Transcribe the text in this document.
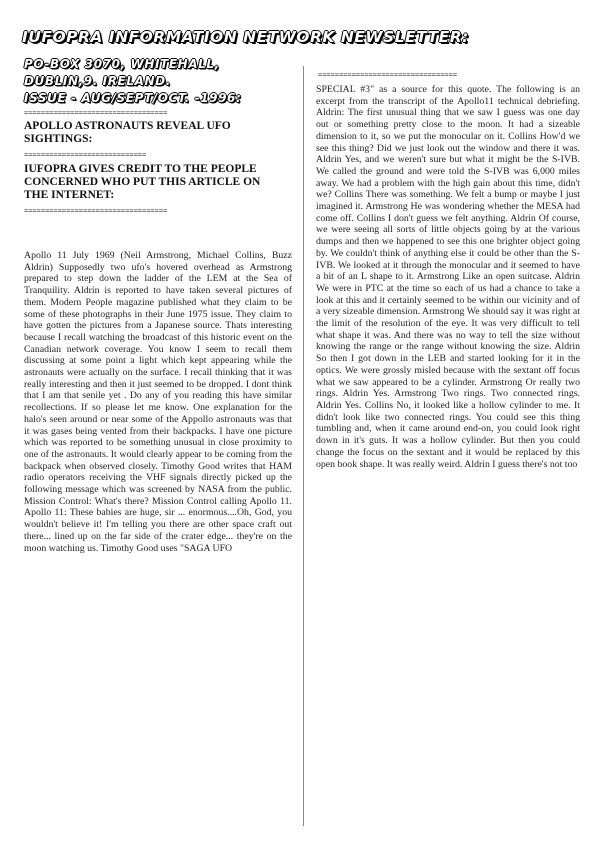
IUFOPRA INFORMATION NETWORK NEWSLETTER:
PO-BOX 3070, WHITEHALL,
DUBLIN,9. IRELAND.
ISSUE - AUG/SEPT/OCT. -1996:
==================================
APOLLO ASTRONAUTS REVEAL UFO SIGHTINGS:
=============================
IUFOPRA GIVES CREDIT TO THE PEOPLE CONCERNED WHO PUT THIS ARTICLE ON THE INTERNET:
==================================
Apollo 11 July 1969 (Neil Armstrong, Michael Collins, Buzz Aldrin) Supposedly two ufo's hovered overhead as Armstrong prepared to step down the ladder of the LEM at the Sea of Tranquility. Aldrin is reported to have taken several pictures of them. Modern People magazine published what they claim to be some of these photographs in their June 1975 issue. They claim to have gotten the pictures from a Japanese source. Thats interesting because I recall watching the broadcast of this historic event on the Canadian network coverage. You know I seem to recall them discussing at some point a light which kept appearing while the astronauts were actually on the surface. I recall thinking that it was really interesting and then it just seemed to be dropped. I dont think that I am that senile yet . Do any of you reading this have similar recollections. If so please let me know. One explanation for the halo's seen around or near some of the Appollo astronauts was that it was gases being vented from their backpacks. I have one picture which was reported to be something unusual in close proximity to one of the astronauts. It would clearly appear to be coming from the backpack when observed closely. Timothy Good writes that HAM radio operators receiving the VHF signals directly picked up the following message which was screened by NASA from the public. Mission Control: What's there? Mission Control calling Apollo 11. Apollo 11: These babies are huge, sir ... enormous....Oh, God, you wouldn't believe it! I'm telling you there are other space craft out there... lined up on the far side of the crater edge... they're on the moon watching us. Timothy Good uses "SAGA UFO
=================================
SPECIAL #3" as a source for this quote. The following is an excerpt from the transcript of the Apollo11 technical debriefing. Aldrin: The first unusual thing that we saw I guess was one day out or something pretty close to the moon. It had a sizeable dimension to it, so we put the monocular on it. Collins How'd we see this thing? Did we just look out the window and there it was. Aldrin Yes, and we weren't sure but what it might be the S-IVB. We called the ground and were told the S-IVB was 6,000 miles away. We had a problem with the high gain about this time, didn't we? Collins There was something. We felt a bump or maybe I just imagined it. Armstrong He was wondering whether the MESA had come off. Collins I don't guess we felt anything. Aldrin Of course, we were seeing all sorts of little objects going by at the various dumps and then we happened to see this one brighter object going by. We couldn't think of anything else it could be other than the S-IVB. We looked at it through the monocular and it seemed to have a bit of an L shape to it. Armstrong Like an open suitcase. Aldrin We were in PTC at the time so each of us had a chance to take a look at this and it certainly seemed to be within our vicinity and of a very sizeable dimension. Armstrong We should say it was right at the limit of the resolution of the eye. It was very difficult to tell what shape it was. And there was no way to tell the size without knowing the range or the range without knowing the size. Aldrin So then I got down in the LEB and started looking for it in the optics. We were grossly misled because with the sextant off focus what we saw appeared to be a cylinder. Armstrong Or really two rings. Aldrin Yes. Armstrong Two rings. Two connected rings. Aldrin Yes. Collins No, it looked like a hollow cylinder to me. It didn't look like two connected rings. You could see this thing tumbling and, when it came around end-on, you could look right down in it's guts. It was a hollow cylinder. But then you could change the focus on the sextant and it would be replaced by this open book shape. It was really weird. Aldrin I guess there's not too
